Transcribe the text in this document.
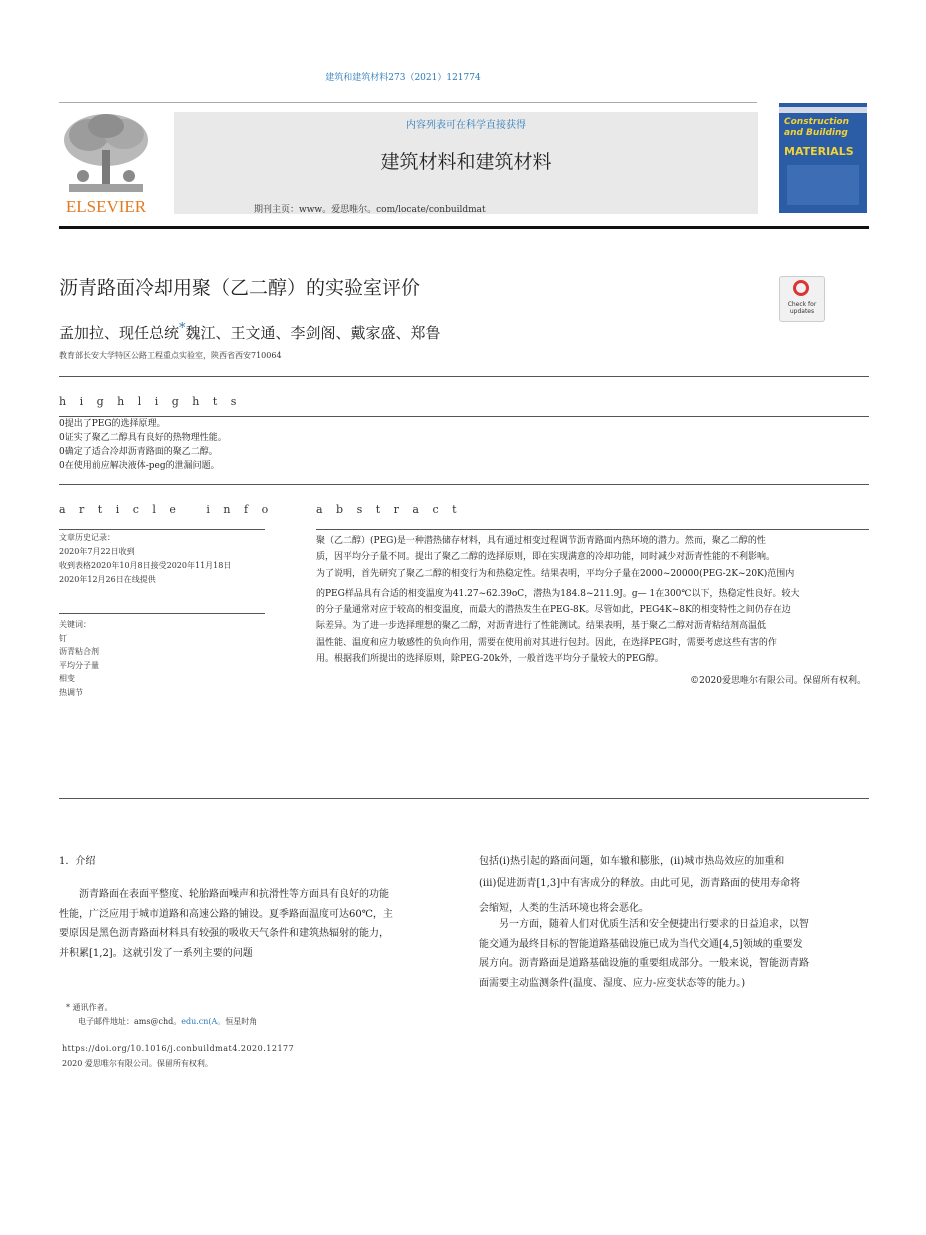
建筑和建筑材料273（2021）121774
ELSEVIER
内容列表可在科学直接获得
建筑材料和建筑材料
期刊主页：www。爱思唯尔。com/locate/conbuildmat
Construction and Building
MATERIALS
沥青路面冷却用聚（乙二醇）的实验室评价
Check for updates
孟加拉、现任总统*魏江、王文通、李剑阁、戴家盛、郑鲁
教育部长安大学特区公路工程重点实验室，陕西省西安710064
h i g h l i g h t s
0提出了PEG的选择原理。
0证实了聚乙二醇具有良好的热物理性能。
0确定了适合冷却沥青路面的聚乙二醇。
0在使用前应解决液体-peg的泄漏问题。
a r t i c l e   i n f o
文章历史记录：
2020年7月22日收到
收到表格2020年10月8日接受2020年11月18日
2020年12月26日在线提供
关键词：
钉
沥青粘合剂
平均分子量
相变
热调节
a b s t r a c t
聚（乙二醇）(PEG)是一种潜热储存材料，具有通过相变过程调节沥青路面内热环境的潜力。然而，聚乙二醇的性
质，因平均分子量不同。提出了聚乙二醇的选择原则，即在实现满意的冷却功能，同时减少对沥青性能的不利影响。
为了说明，首先研究了聚乙二醇的相变行为和热稳定性。结果表明，平均分子量在2000~20000(PEG-2K~20K)范围内
的PEG样品具有合适的相变温度为41.27~62.39oC，潜热为184.8~211.9J。g— 1在300℃以下，热稳定性良好。较大
的分子量通常对应于较高的相变温度，而最大的潜热发生在PEG-8K。尽管如此，PEG4K~8K的相变特性之间仍存在边
际差异。为了进一步选择理想的聚乙二醇，对沥青进行了性能测试。结果表明，基于聚乙二醇对沥青粘结剂高温低
温性能、温度和应力敏感性的负向作用，需要在使用前对其进行包封。因此，在选择PEG时，需要考虑这些有害的作
用。根据我们所提出的选择原则，除PEG-20k外，一般首选平均分子量较大的PEG醇。
©2020爱思唯尔有限公司。保留所有权利。
1．介绍
沥青路面在表面平整度、轮胎路面噪声和抗滑性等方面具有良好的功能
性能，广泛应用于城市道路和高速公路的铺设。夏季路面温度可达60℃，主
要原因是黑色沥青路面材料具有较强的吸收天气条件和建筑热辐射的能力，
并积累[1,2]。这就引发了一系列主要的问题
包括(i)热引起的路面问题，如车辙和膨胀，(ii)城市热岛效应的加重和
(iii)促进沥青[1,3]中有害成分的释放。由此可见，沥青路面的使用寿命将
会缩短，人类的生活环境也将会恶化。
另一方面，随着人们对优质生活和安全便捷出行要求的日益追求，以智
能交通为最终目标的智能道路基础设施已成为当代交通[4,5]领域的重要发
展方向。沥青路面是道路基础设施的重要组成部分。一般来说，智能沥青路
面需要主动监测条件(温度、湿度、应力-应变状态等的能力。)
* 通讯作者。
电子邮件地址：ams@chd。edu.cn(A。恒星时角
https://doi.org/10.1016/j.conbuildmat4.2020.12177
2020 爱思唯尔有限公司。保留所有权利。
